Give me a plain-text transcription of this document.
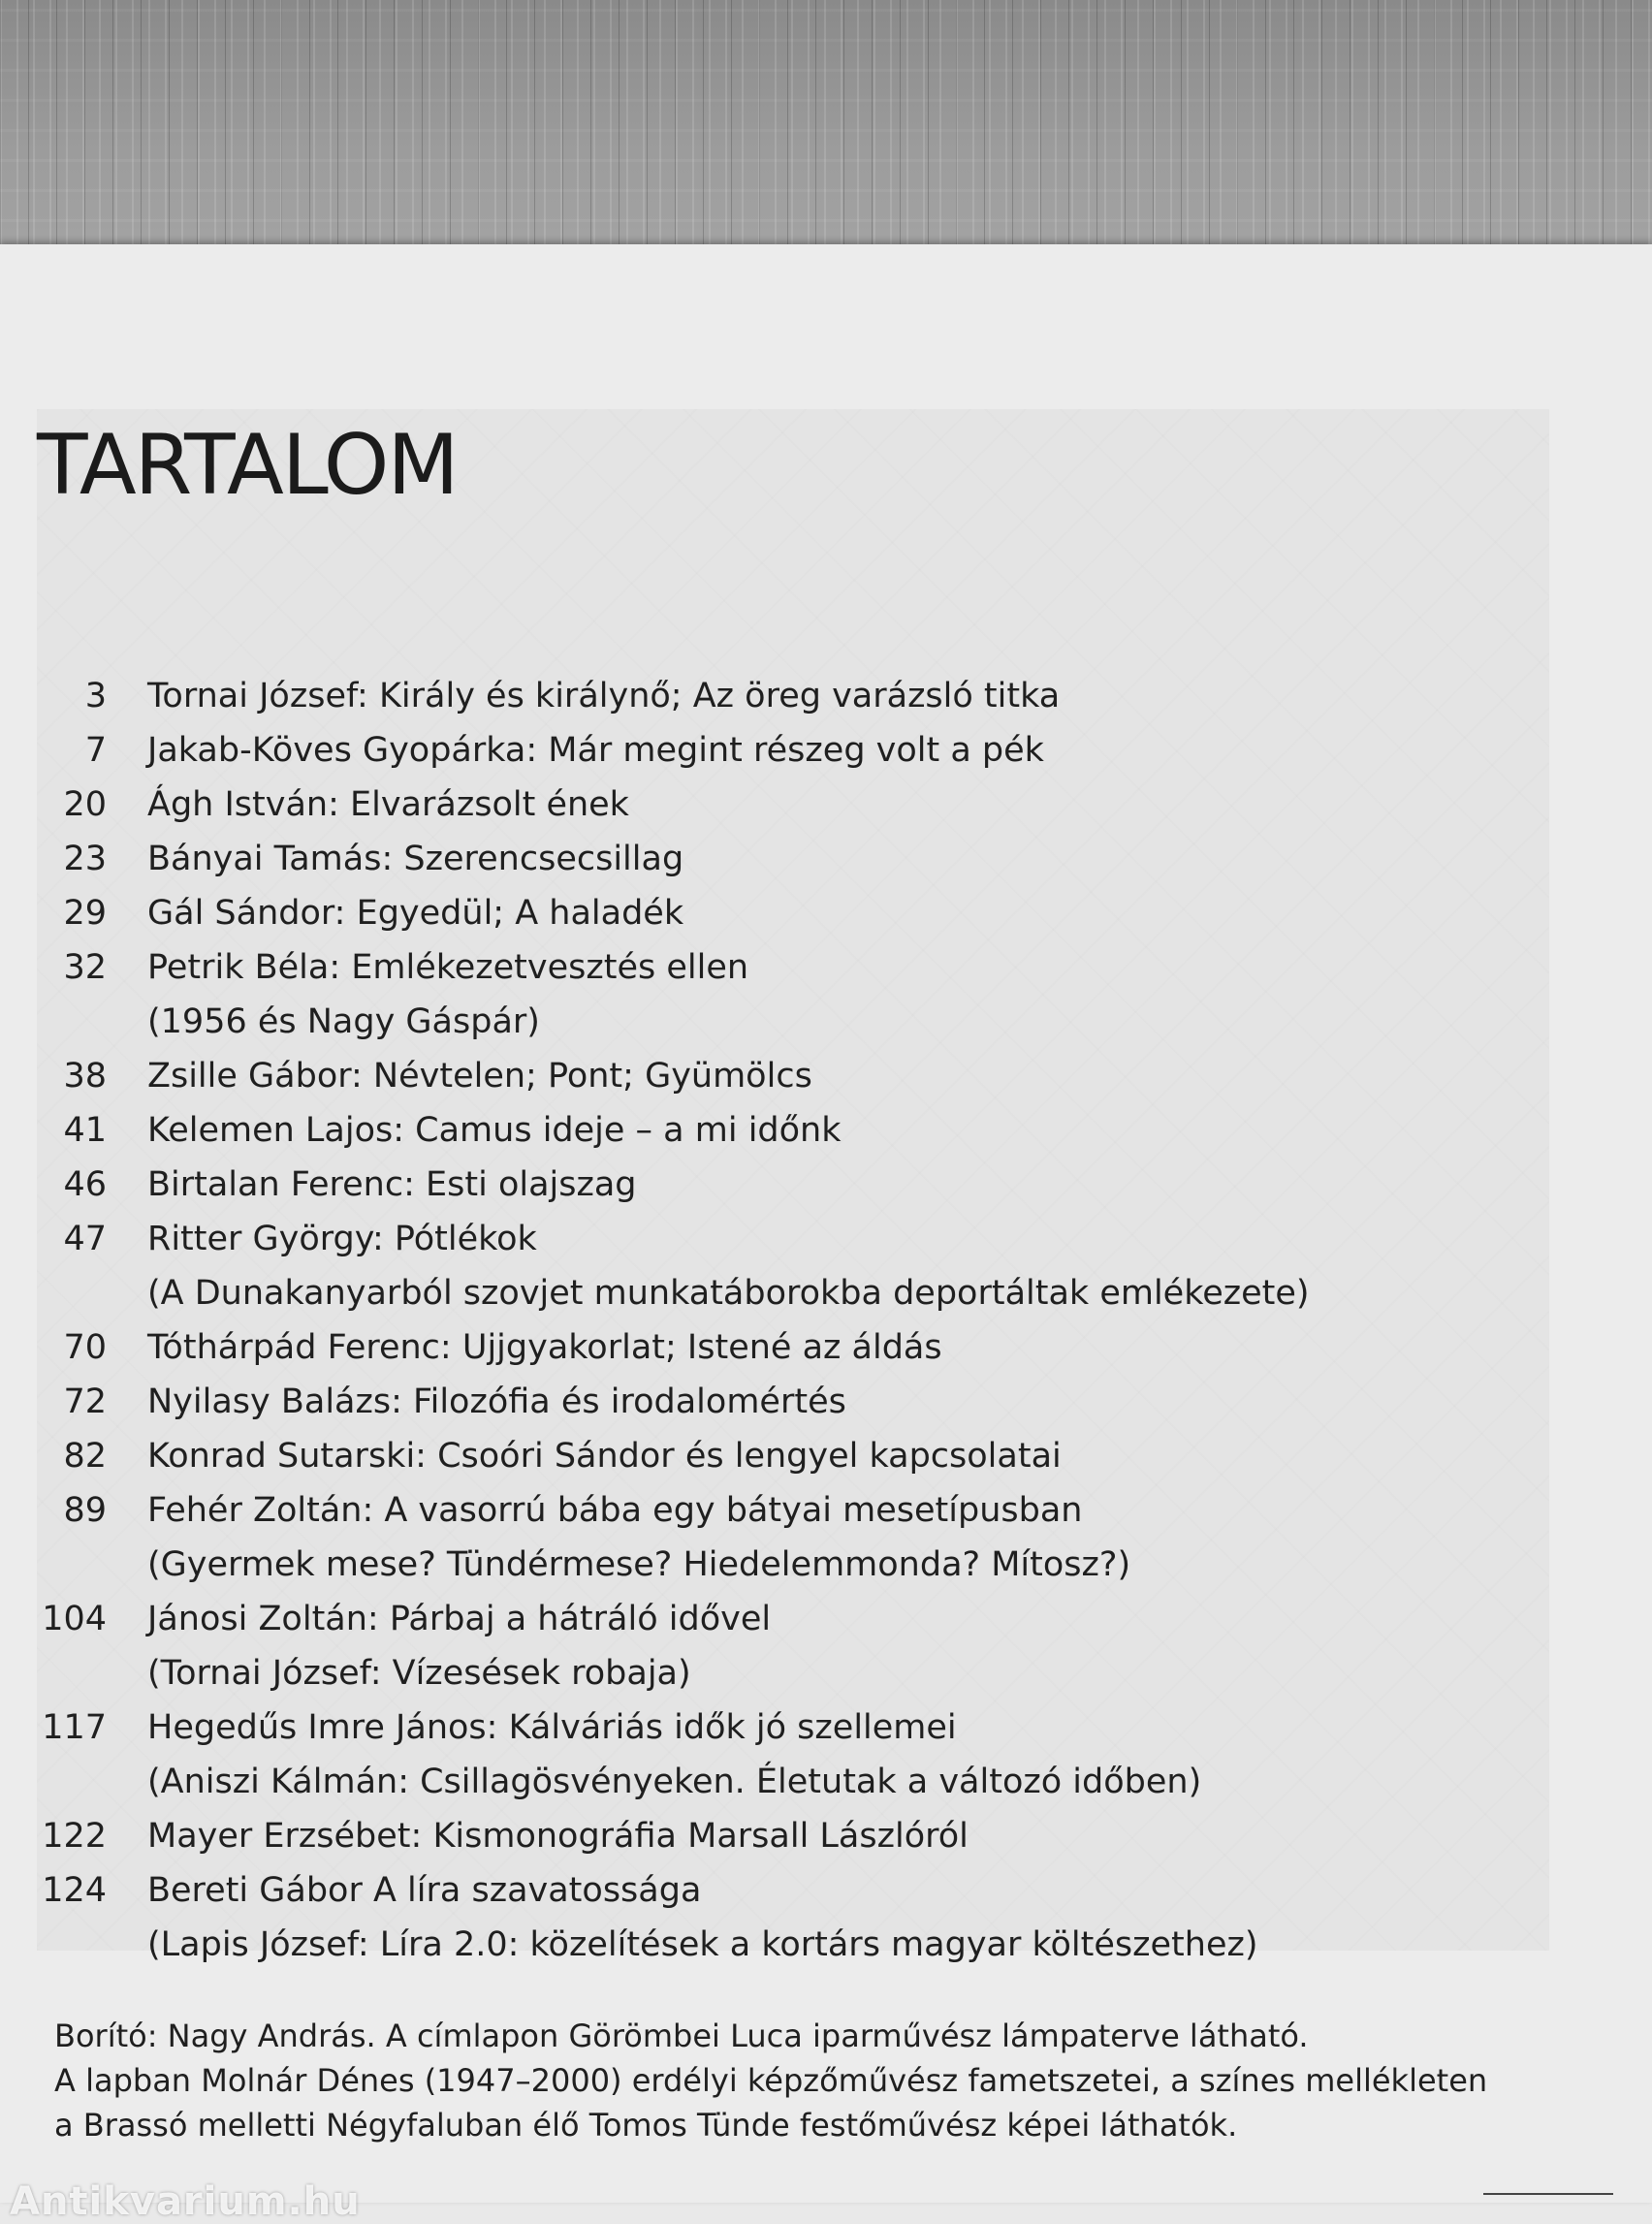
TARTALOM
3 Tornai József: Király és királynő; Az öreg varázsló titka
7 Jakab-Köves Gyopárka: Már megint részeg volt a pék
20 Ágh István: Elvarázsolt ének
23 Bányai Tamás: Szerencsecsillag
29 Gál Sándor: Egyedül; A haladék
32 Petrik Béla: Emlékezetvesztés ellen
(1956 és Nagy Gáspár)
38 Zsille Gábor: Névtelen; Pont; Gyümölcs
41 Kelemen Lajos: Camus ideje – a mi időnk
46 Birtalan Ferenc: Esti olajszag
47 Ritter György: Pótlékok
(A Dunakanyarból szovjet munkatáborokba deportáltak emlékezete)
70 Tóthárpád Ferenc: Ujjgyakorlat; Istené az áldás
72 Nyilasy Balázs: Filozófia és irodalomértés
82 Konrad Sutarski: Csoóri Sándor és lengyel kapcsolatai
89 Fehér Zoltán: A vasorrú bába egy bátyai mesetípusban
(Gyermek mese? Tündérmese? Hiedelemmonda? Mítosz?)
104 Jánosi Zoltán: Párbaj a hátráló idővel
(Tornai József: Vízesések robaja)
117 Hegedűs Imre János: Kálváriás idők jó szellemei
(Aniszi Kálmán: Csillagösvényeken. Életutak a változó időben)
122 Mayer Erzsébet: Kismonográfia Marsall Lászlóról
124 Bereti Gábor A líra szavatossága
(Lapis József: Líra 2.0: közelítések a kortárs magyar költészethez)
Borító: Nagy András. A címlapon Görömbei Luca iparművész lámpaterve látható.
A lapban Molnár Dénes (1947–2000) erdélyi képzőművész fametszetei, a színes mellékleten
a Brassó melletti Négyfaluban élő Tomos Tünde festőművész képei láthatók.
Antikvarium.hu
